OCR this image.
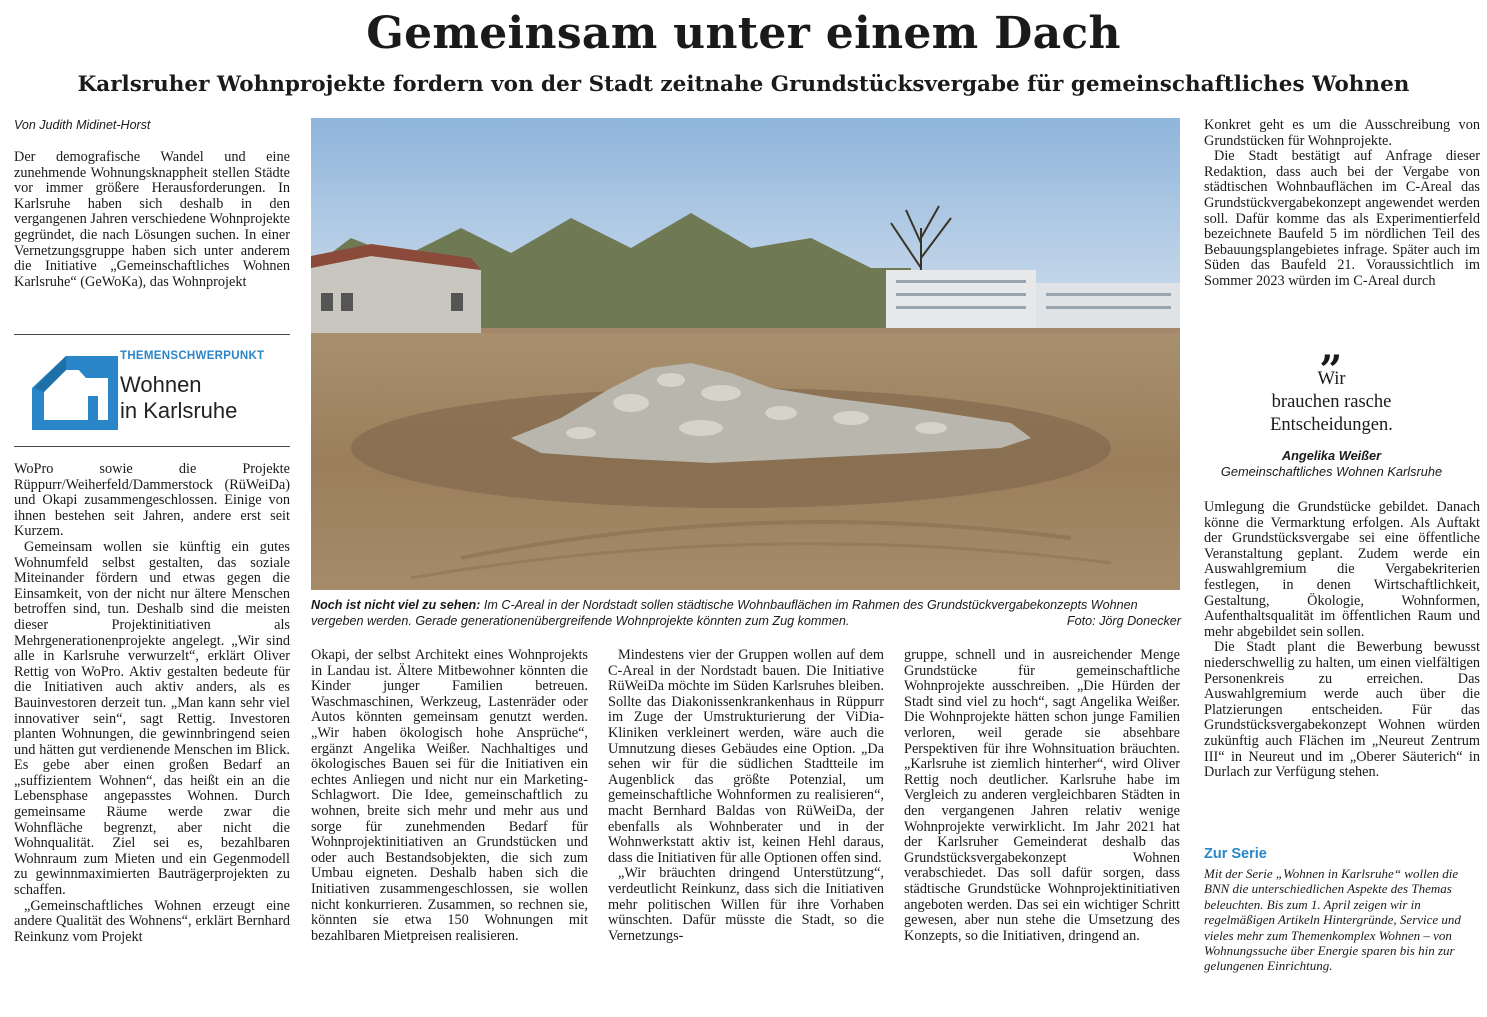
Gemeinsam unter einem Dach
Karlsruher Wohnprojekte fordern von der Stadt zeitnahe Grundstücksvergabe für gemeinschaftliches Wohnen
Von Judith Midinet-Horst

Der demografische Wandel und eine zunehmende Wohnungsknappheit stellen Städte vor immer größere Herausforderungen. In Karlsruhe haben sich deshalb in den vergangenen Jahren verschiedene Wohnprojekte gegründet, die nach Lösungen suchen. In einer Vernetzungsgruppe haben sich unter anderem die Initiative „Gemeinschaftliches Wohnen Karlsruhe“ (GeWoKa), das Wohnprojekt

THEMENSCHWERPUNKT
Wohnen
in Karlsruhe

WoPro sowie die Projekte Rüppurr/Weiherfeld/Dammerstock (RüWeiDa) und Okapi zusammengeschlossen. Einige von ihnen bestehen seit Jahren, andere erst seit Kurzem.

Gemeinsam wollen sie künftig ein gutes Wohnumfeld selbst gestalten, das soziale Miteinander fördern und etwas gegen die Einsamkeit, von der nicht nur ältere Menschen betroffen sind, tun. Deshalb sind die meisten dieser Projektinitiativen als Mehrgenerationenprojekte angelegt. „Wir sind alle in Karlsruhe verwurzelt“, erklärt Oliver Rettig von WoPro. Aktiv gestalten bedeute für die Initiativen auch aktiv anders, als es Bauinvestoren derzeit tun. „Man kann sehr viel innovativer sein“, sagt Rettig. Investoren planten Wohnungen, die gewinnbringend seien und hätten gut verdienende Menschen im Blick. Es gebe aber einen großen Bedarf an „suffizientem Wohnen“, das heißt ein an die Lebensphase angepasstes Wohnen. Durch gemeinsame Räume werde zwar die Wohnfläche begrenzt, aber nicht die Wohnqualität. Ziel sei es, bezahlbaren Wohnraum zum Mieten und ein Gegenmodell zu gewinnmaximierten Bauträgerprojekten zu schaffen.

„Gemeinschaftliches Wohnen erzeugt eine andere Qualität des Wohnens“, erklärt Bernhard Reinkunz vom Projekt

Noch ist nicht viel zu sehen: Im C-Areal in der Nordstadt sollen städtische Wohnbauflächen im Rahmen des Grundstückvergabekonzepts Wohnen vergeben werden. Gerade generationenübergreifende Wohnprojekte könnten zum Zug kommen.	Foto: Jörg Donecker

Okapi, der selbst Architekt eines Wohnprojekts in Landau ist. Ältere Mitbewohner könnten die Kinder junger Familien betreuen. Waschmaschinen, Werkzeug, Lastenräder oder Autos könnten gemeinsam genutzt werden. „Wir haben ökologisch hohe Ansprüche“, ergänzt Angelika Weißer. Nachhaltiges und ökologisches Bauen sei für die Initiativen ein echtes Anliegen und nicht nur ein Marketing-Schlagwort. Die Idee, gemeinschaftlich zu wohnen, breite sich mehr und mehr aus und sorge für zunehmenden Bedarf für Wohnprojektinitiativen an Grundstücken und oder auch Bestandsobjekten, die sich zum Umbau eigneten. Deshalb haben sich die Initiativen zusammengeschlossen, sie wollen nicht konkurrieren. Zusammen, so rechnen sie, könnten sie etwa 150 Wohnungen mit bezahlbaren Mietpreisen realisieren.

Mindestens vier der Gruppen wollen auf dem C-Areal in der Nordstadt bauen. Die Initiative RüWeiDa möchte im Süden Karlsruhes bleiben. Sollte das Diakonissenkrankenhaus in Rüppurr im Zuge der Umstrukturierung der ViDia-Kliniken verkleinert werden, wäre auch die Umnutzung dieses Gebäudes eine Option. „Da sehen wir für die südlichen Stadtteile im Augenblick das größte Potenzial, um gemeinschaftliche Wohnformen zu realisieren“, macht Bernhard Baldas von RüWeiDa, der ebenfalls als Wohnberater und in der Wohnwerkstatt aktiv ist, keinen Hehl daraus, dass die Initiativen für alle Optionen offen sind.

„Wir bräuchten dringend Unterstützung“, verdeutlicht Reinkunz, dass sich die Initiativen mehr politischen Willen für ihre Vorhaben wünschten. Dafür müsste die Stadt, so die Vernetzungs-

gruppe, schnell und in ausreichender Menge Grundstücke für gemeinschaftliche Wohnprojekte ausschreiben. „Die Hürden der Stadt sind viel zu hoch“, sagt Angelika Weißer. Die Wohnprojekte hätten schon junge Familien verloren, weil gerade sie absehbare Perspektiven für ihre Wohnsituation bräuchten. „Karlsruhe ist ziemlich hinterher“, wird Oliver Rettig noch deutlicher. Karlsruhe habe im Vergleich zu anderen vergleichbaren Städten in den vergangenen Jahren relativ wenige Wohnprojekte verwirklicht. Im Jahr 2021 hat der Karlsruher Gemeinderat deshalb das Grundstücksvergabekonzept Wohnen verabschiedet. Das soll dafür sorgen, dass städtische Grundstücke Wohnprojektinitiativen angeboten werden. Das sei ein wichtiger Schritt gewesen, aber nun stehe die Umsetzung des Konzepts, so die Initiativen, dringend an.

Konkret geht es um die Ausschreibung von Grundstücken für Wohnprojekte.

Die Stadt bestätigt auf Anfrage dieser Redaktion, dass auch bei der Vergabe von städtischen Wohnbauflächen im C-Areal das Grundstückvergabekonzept angewendet werden soll. Dafür komme das als Experimentierfeld bezeichnete Baufeld 5 im nördlichen Teil des Bebauungsplangebietes infrage. Später auch im Süden das Baufeld 21. Voraussichtlich im Sommer 2023 würden im C-Areal durch

„
Wir
brauchen rasche
Entscheidungen.
Angelika Weißer
Gemeinschaftliches Wohnen Karlsruhe

Umlegung die Grundstücke gebildet. Danach könne die Vermarktung erfolgen. Als Auftakt der Grundstücksvergabe sei eine öffentliche Veranstaltung geplant. Zudem werde ein Auswahlgremium die Vergabekriterien festlegen, in denen Wirtschaftlichkeit, Gestaltung, Ökologie, Wohnformen, Aufenthaltsqualität im öffentlichen Raum und mehr abgebildet sein sollen.

Die Stadt plant die Bewerbung bewusst niederschwellig zu halten, um einen vielfältigen Personenkreis zu erreichen. Das Auswahlgremium werde auch über die Platzierungen entscheiden. Für das Grundstücksvergabekonzept Wohnen würden zukünftig auch Flächen im „Neureut Zentrum III“ in Neureut und im „Oberer Säuterich“ in Durlach zur Verfügung stehen.

Zur Serie
Mit der Serie „Wohnen in Karlsruhe“ wollen die BNN die unterschiedlichen Aspekte des Themas beleuchten. Bis zum 1. April zeigen wir in regelmäßigen Artikeln Hintergründe, Service und vieles mehr zum Themenkomplex Wohnen – von Wohnungssuche über Energie sparen bis hin zur gelungenen Einrichtung.
